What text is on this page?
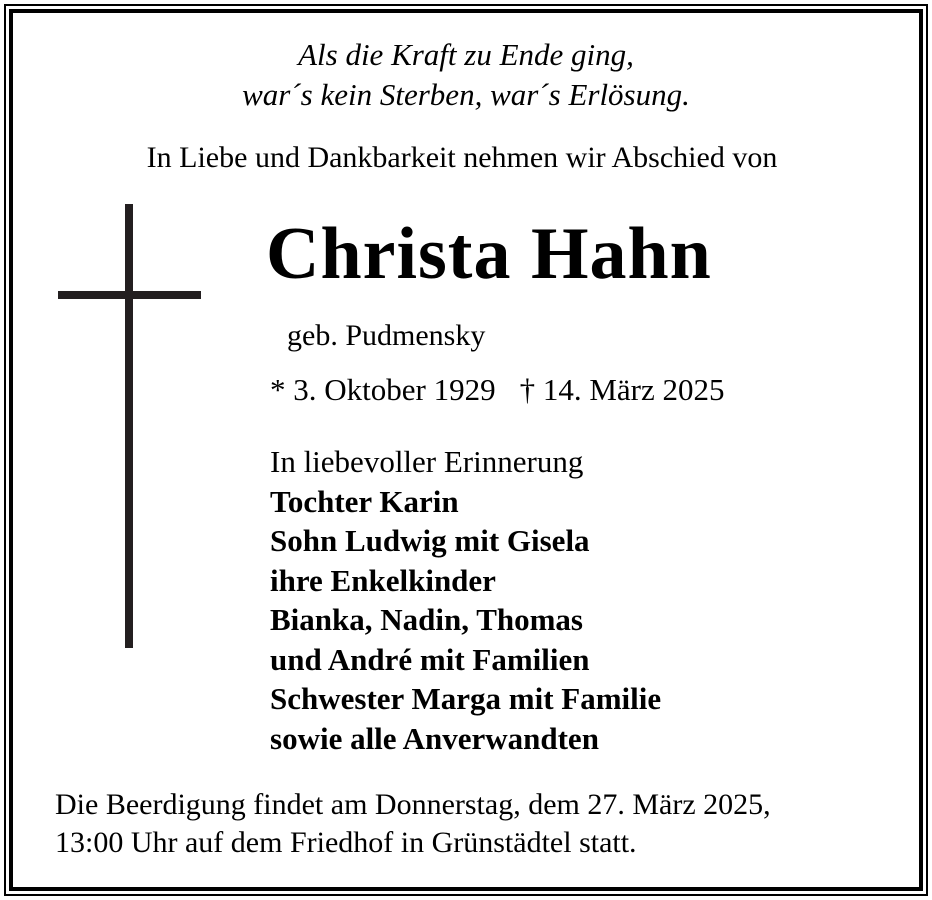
Als die Kraft zu Ende ging,
war´s kein Sterben, war´s Erlösung.
In Liebe und Dankbarkeit nehmen wir Abschied von
Christa Hahn
geb. Pudmensky
* 3. Oktober 1929 † 14. März 2025
In liebevoller Erinnerung
Tochter Karin
Sohn Ludwig mit Gisela
ihre Enkelkinder
Bianka, Nadin, Thomas
und André mit Familien
Schwester Marga mit Familie
sowie alle Anverwandten
Die Beerdigung findet am Donnerstag, dem 27. März 2025,
13:00 Uhr auf dem Friedhof in Grünstädtel statt.
